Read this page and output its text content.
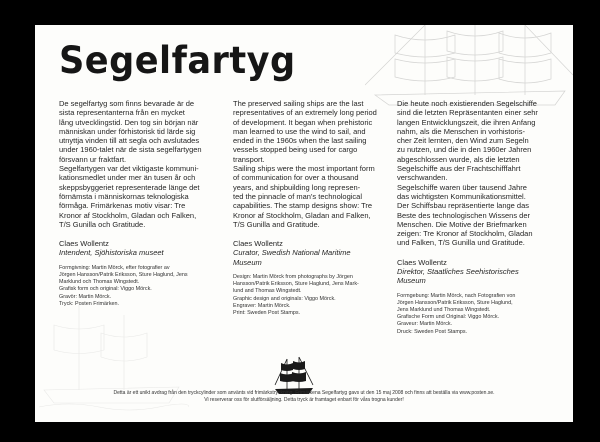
Segelfartyg

De segelfartyg som finns bevarade är de
sista representanterna från en mycket
lång utvecklingstid. Den tog sin början när
människan under förhistorisk tid lärde sig
utnyttja vinden till att segla och avslutades
under 1960-talet när de sista segelfartygen
försvann ur fraktfart.
Segelfartygen var det viktigaste kommuni-
kationsmedlet under mer än tusen år och
skeppsbyggeriet representerade länge det
förnämsta i människornas teknologiska
förmåga. Frimärkenas motiv visar: Tre
Kronor af Stockholm, Gladan och Falken,
T/S Gunilla och Gratitude.

Claes Wollentz
Intendent, Sjöhistoriska museet
Formgivning: Martin Mörck, efter fotografier av
Jörgen Hansson/Patrik Eriksson, Sture Haglund, Jens
Marklund och Thomas Wingstedt.
Grafisk form och original: Viggo Mörck.
Gravör: Martin Mörck.
Tryck: Posten Frimärken.

The preserved sailing ships are the last
representatives of an extremely long period
of development. It began when prehistoric
man learned to use the wind to sail, and
ended in the 1960s when the last sailing
vessels stopped being used for cargo
transport.
Sailing ships were the most important form
of communication for over a thousand
years, and shipbuilding long represen-
ted the pinnacle of man's technological
capabilities. The stamp designs show: Tre
Kronor af Stockholm, Gladan and Falken,
T/S Gunilla and Gratitude.

Claes Wollentz
Curator, Swedish National Maritime
Museum
Design: Martin Mörck from photographs by Jörgen
Hansson/Patrik Eriksson, Sture Haglund, Jens Mark-
lund and Thomas Wingstedt.
Graphic design and originals: Viggo Mörck.
Engraver: Martin Mörck.
Print: Sweden Post Stamps.

Die heute noch existierenden Segelschiffe
sind die letzten Repräsentanten einer sehr
langen Entwicklungszeit, die ihren Anfang
nahm, als die Menschen in vorhistoris-
cher Zeit lernten, den Wind zum Segeln
zu nutzen, und die in den 1960er Jahren
abgeschlossen wurde, als die letzten
Segelschiffe aus der Frachtschifffahrt
verschwanden.
Segelschiffe waren über tausend Jahre
das wichtigsten Kommunikationsmittel.
Der Schiffsbau repräsentierte lange das
Beste des technologischen Wissens der
Menschen. Die Motive der Briefmarken
zeigen: Tre Kronor af Stockholm, Gladan
und Falken, T/S Gunilla und Gratitude.

Claes Wollentz
Direktor, Staatliches Seehistorisches
Museum
Formgebung: Martin Mörck, nach Fotografien von
Jörgen Hansson/Patrik Eriksson, Sture Haglund,
Jens Marklund und Thomas Wingstedt.
Grafische Form und Original: Viggo Mörck.
Graveur: Martin Mörck.
Druck: Sweden Post Stamps.
Detta är ett unikt avdrag från den tryckcylinder som använts vid frimärkstryckning. Frimärkena Segelfartyg gavs ut den 15 maj 2008 och finns att beställa via www.posten.se.
Vi reserverar oss för slutförsäljning. Detta tryck är framtaget enbart för våra trogna kunder!
